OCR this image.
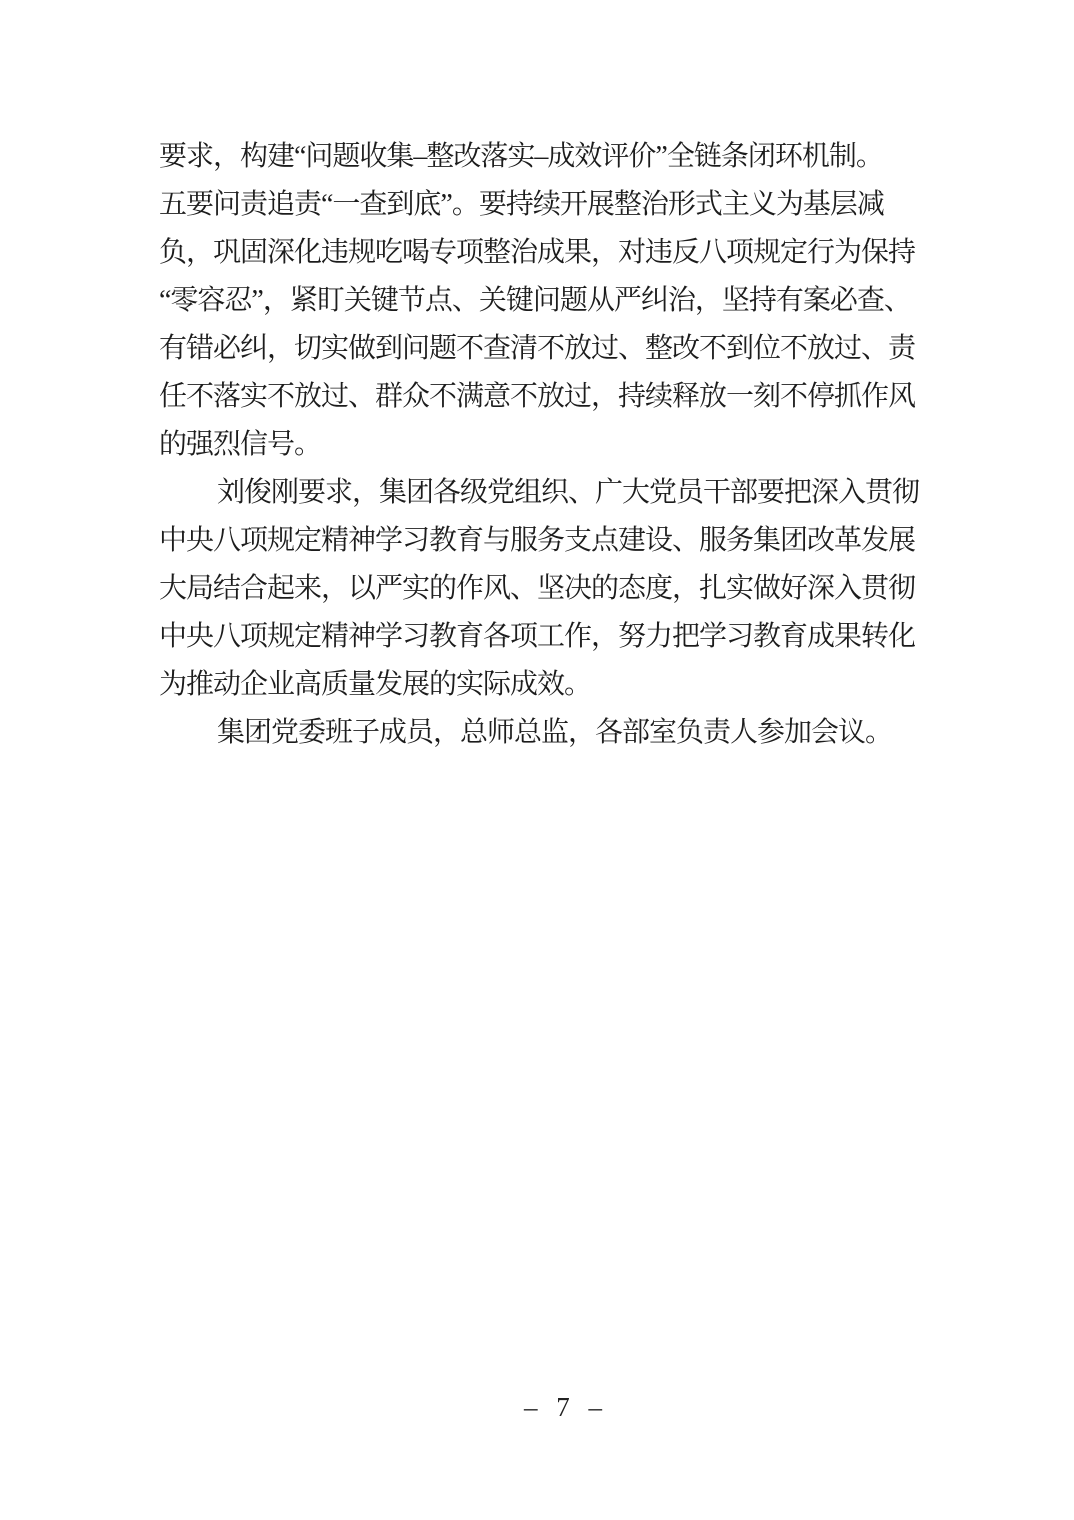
要求，构建“问题收集–整改落实–成效评价”全链条闭环机制。
五要问责追责“一查到底”。要持续开展整治形式主义为基层减
负，巩固深化违规吃喝专项整治成果，对违反八项规定行为保持
“零容忍”，紧盯关键节点、关键问题从严纠治，坚持有案必查、
有错必纠，切实做到问题不查清不放过、整改不到位不放过、责
任不落实不放过、群众不满意不放过，持续释放一刻不停抓作风
的强烈信号。
刘俊刚要求，集团各级党组织、广大党员干部要把深入贯彻
中央八项规定精神学习教育与服务支点建设、服务集团改革发展
大局结合起来，以严实的作风、坚决的态度，扎实做好深入贯彻
中央八项规定精神学习教育各项工作，努力把学习教育成果转化
为推动企业高质量发展的实际成效。
集团党委班子成员，总师总监，各部室负责人参加会议。
– 7 –
